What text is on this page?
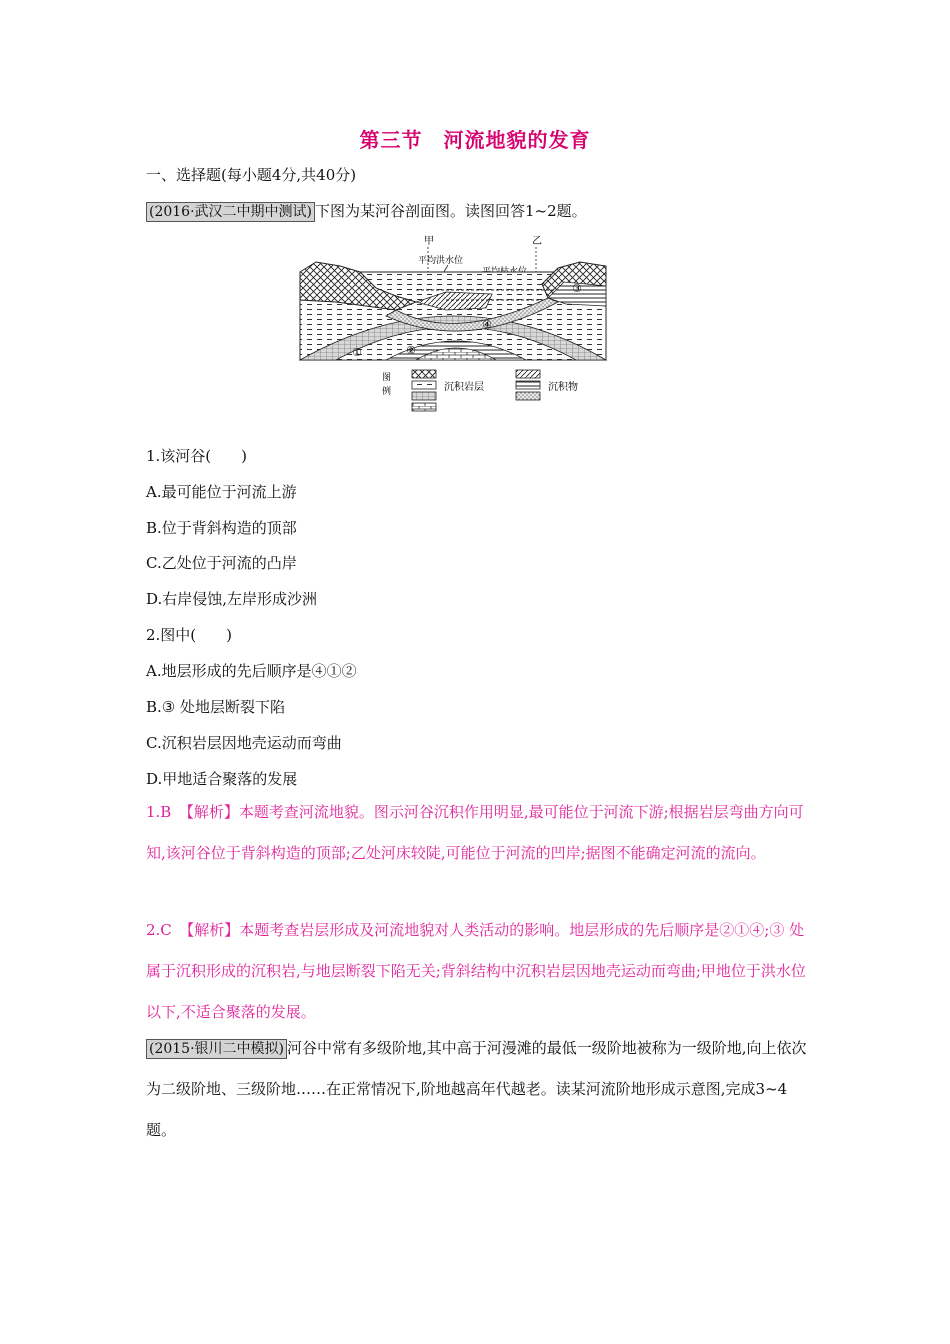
第三节　河流地貌的发育
一、选择题(每小题4分,共40分)
(2016·武汉二中期中测试) 下图为某河谷剖面图。读图回答1~2题。
甲	乙
平均洪水位
①	②
③
④
图
例	沉积岩层	沉积物
1.该河谷(　　)
A.最可能位于河流上游
B.位于背斜构造的顶部
C.乙处位于河流的凸岸
D.右岸侵蚀,左岸形成沙洲
2.图中(　　)
A.地层形成的先后顺序是④①②
B.③ 处地层断裂下陷
C.沉积岩层因地壳运动而弯曲
D.甲地适合聚落的发展
1.B　【解析】本题考查河流地貌。图示河谷沉积作用明显,最可能位于河流下游;根据岩层弯曲方向可知,该河谷位于背斜构造的顶部;乙处河床较陡,可能位于河流的凹岸;据图不能确定河流的流向。
2.C　【解析】本题考查岩层形成及河流地貌对人类活动的影响。地层形成的先后顺序是②①④;③ 处属于沉积形成的沉积岩,与地层断裂下陷无关;背斜结构中沉积岩层因地壳运动而弯曲;甲地位于洪水位以下,不适合聚落的发展。
(2015·银川二中模拟) 河谷中常有多级阶地,其中高于河漫滩的最低一级阶地被称为一级阶地,向上依次为二级阶地、三级阶地……在正常情况下,阶地越高年代越老。读某河流阶地形成示意图,完成3~4题。
